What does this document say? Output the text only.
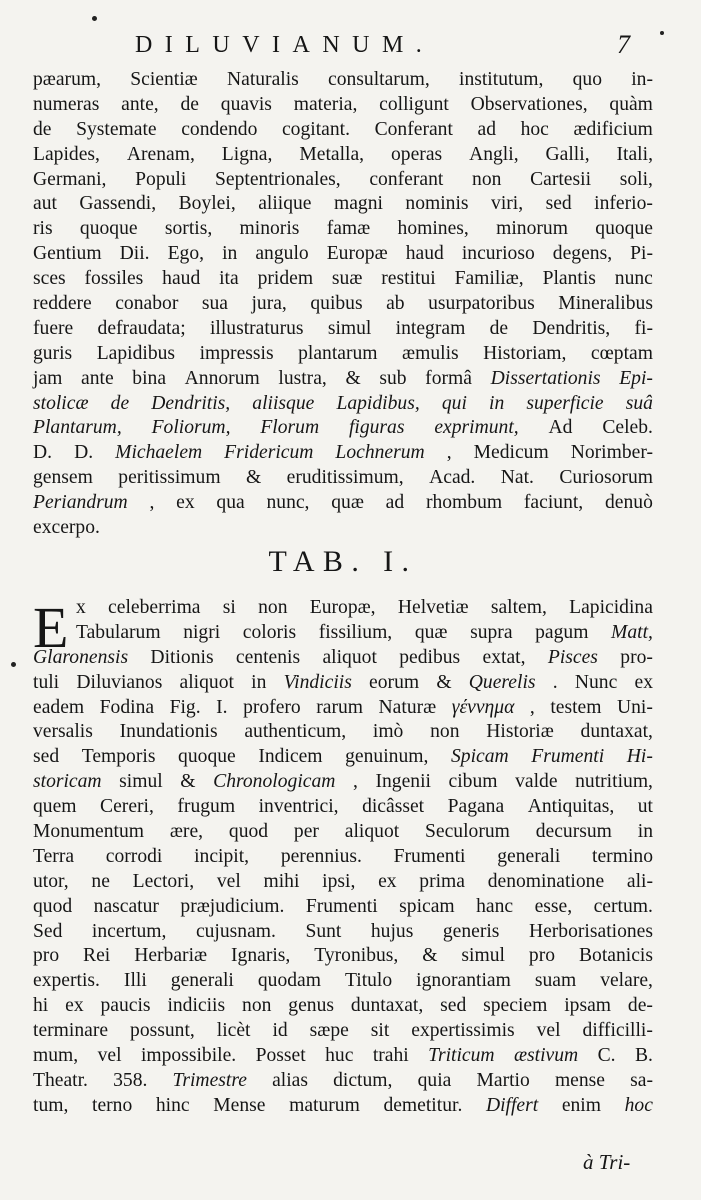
DILUVIANUM.	7
pæarum, Scientiæ Naturalis consultarum, institutum, quo in-
numeras ante, de quavis materia, colligunt Observationes, quàm
de Systemate condendo cogitant. Conferant ad hoc ædificium
Lapides, Arenam, Ligna, Metalla, operas Angli, Galli, Itali,
Germani, Populi Septentrionales, conferant non Cartesii soli,
aut Gassendi, Boylei, aliique magni nominis viri, sed inferio-
ris quoque sortis, minoris famæ homines, minorum quoque
Gentium Dii. Ego, in angulo Europæ haud incurioso degens, Pi-
sces fossiles haud ita pridem suæ restitui Familiæ, Plantis nunc
reddere conabor sua jura, quibus ab usurpatoribus Mineralibus
fuere defraudata; illustraturus simul integram de Dendritis, fi-
guris Lapidibus impressis plantarum æmulis Historiam, cœptam
jam ante bina Annorum lustra, & sub formâ Dissertationis Epi-
stolicæ de Dendritis, aliisque Lapidibus, qui in superficie suâ
Plantarum, Foliorum, Florum figuras exprimunt, Ad Celeb.
D. D. Michaelem Fridericum Lochnerum , Medicum Norimber-
gensem peritissimum & eruditissimum, Acad. Nat. Curiosorum
Periandrum , ex qua nunc, quæ ad rhombum faciunt, denuò
excerpo.
TAB. I.
E x celeberrima si non Europæ, Helvetiæ saltem, Lapicidina
Tabularum nigri coloris fissilium, quæ supra pagum Matt,
Glaronensis Ditionis centenis aliquot pedibus extat, Pisces pro-
tuli Diluvianos aliquot in Vindiciis eorum & Querelis . Nunc ex
eadem Fodina Fig. I. profero rarum Naturæ γέννημα , testem Uni-
versalis Inundationis authenticum, imò non Historiæ duntaxat,
sed Temporis quoque Indicem genuinum, Spicam Frumenti Hi-
storicam simul & Chronologicam , Ingenii cibum valde nutritium,
quem Cereri, frugum inventrici, dicâsset Pagana Antiquitas, ut
Monumentum ære, quod per aliquot Seculorum decursum in
Terra corrodi incipit, perennius. Frumenti generali termino
utor, ne Lectori, vel mihi ipsi, ex prima denominatione ali-
quod nascatur præjudicium. Frumenti spicam hanc esse, certum.
Sed incertum, cujusnam. Sunt hujus generis Herborisationes
pro Rei Herbariæ Ignaris, Tyronibus, & simul pro Botanicis
expertis. Illi generali quodam Titulo ignorantiam suam velare,
hi ex paucis indiciis non genus duntaxat, sed speciem ipsam de-
terminare possunt, licèt id sæpe sit expertissimis vel difficilli-
mum, vel impossibile. Posset huc trahi Triticum æstivum C. B.
Theatr. 358. Trimestre alias dictum, quia Martio mense sa-
tum, terno hinc Mense maturum demetitur. Differt enim hoc
à Tri-
